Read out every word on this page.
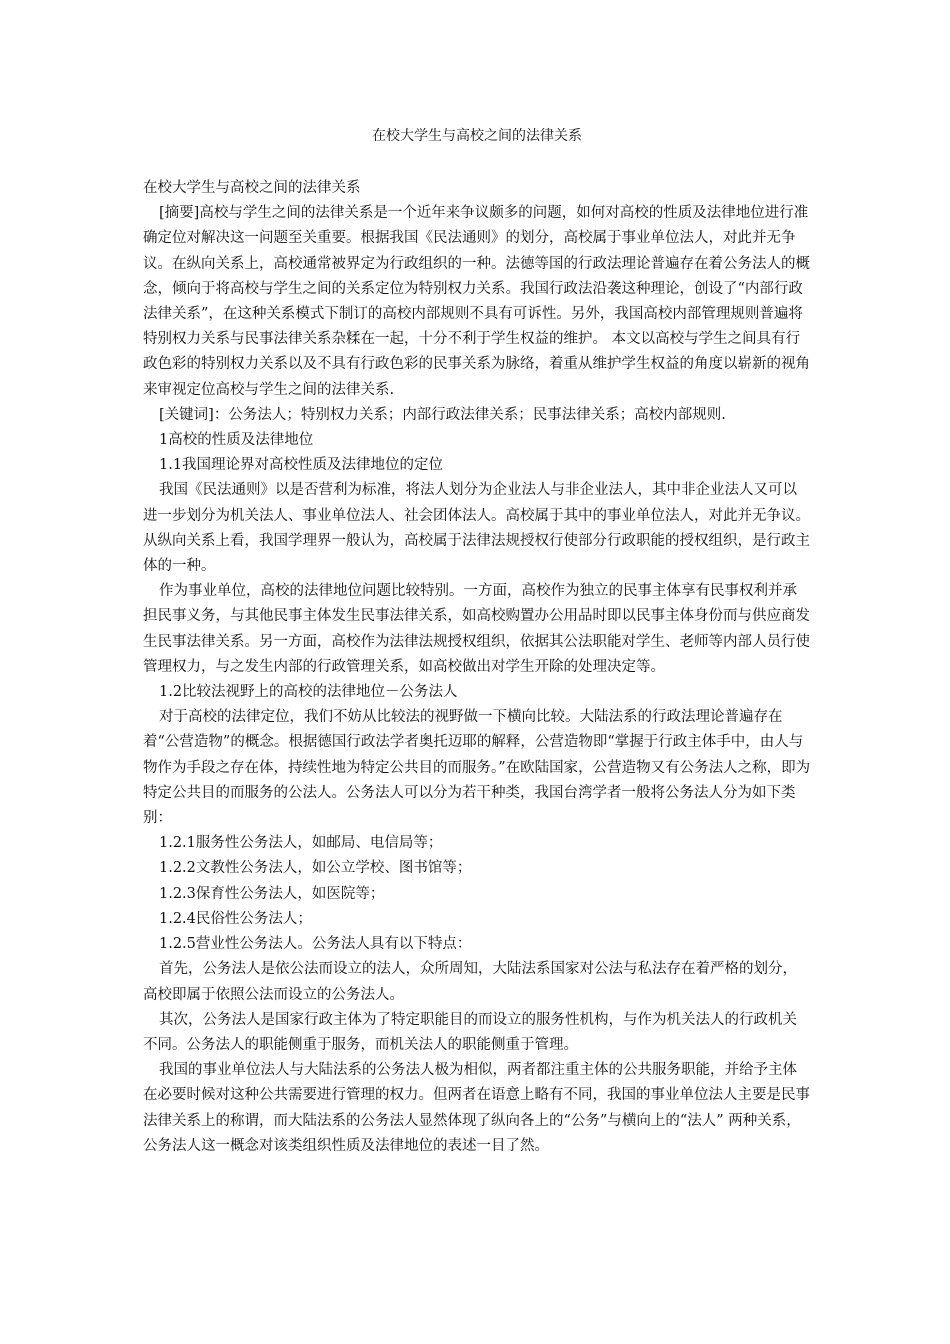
在校大学生与高校之间的法律关系

在校大学生与高校之间的法律关系

[摘要]高校与学生之间的法律关系是一个近年来争议颇多的问题，如何对高校的性质及法律地位进行准确定位对解决这一问题至关重要。根据我国《民法通则》的划分，高校属于事业单位法人，对此并无争议。在纵向关系上，高校通常被界定为行政组织的一种。法德等国的行政法理论普遍存在着公务法人的概念，倾向于将高校与学生之间的关系定位为特别权力关系。我国行政法沿袭这种理论，创设了“内部行政法律关系”，在这种关系模式下制订的高校内部规则不具有可诉性。另外，我国高校内部管理规则普遍将特别权力关系与民事法律关系杂糅在一起，十分不利于学生权益的维护。 本文以高校与学生之间具有行政色彩的特别权力关系以及不具有行政色彩的民事关系为脉络，着重从维护学生权益的角度以崭新的视角来审视定位高校与学生之间的法律关系.

[关键词]：公务法人；特别权力关系；内部行政法律关系；民事法律关系；高校内部规则.

1高校的性质及法律地位

1.1我国理论界对高校性质及法律地位的定位

我国《民法通则》以是否营利为标准，将法人划分为企业法人与非企业法人，其中非企业法人又可以进一步划分为机关法人、事业单位法人、社会团体法人。高校属于其中的事业单位法人，对此并无争议。从纵向关系上看，我国学理界一般认为，高校属于法律法规授权行使部分行政职能的授权组织，是行政主体的一种。

作为事业单位，高校的法律地位问题比较特别。一方面，高校作为独立的民事主体享有民事权利并承担民事义务，与其他民事主体发生民事法律关系，如高校购置办公用品时即以民事主体身份而与供应商发生民事法律关系。另一方面，高校作为法律法规授权组织，依据其公法职能对学生、老师等内部人员行使管理权力，与之发生内部的行政管理关系，如高校做出对学生开除的处理决定等。

1.2比较法视野上的高校的法律地位－公务法人

对于高校的法律定位，我们不妨从比较法的视野做一下横向比较。大陆法系的行政法理论普遍存在着“公营造物”的概念。根据德国行政法学者奥托迈耶的解释，公营造物即“掌握于行政主体手中，由人与物作为手段之存在体，持续性地为特定公共目的而服务。”在欧陆国家，公营造物又有公务法人之称，即为特定公共目的而服务的公法人。公务法人可以分为若干种类，我国台湾学者一般将公务法人分为如下类别：

1.2.1服务性公务法人，如邮局、电信局等；

1.2.2文教性公务法人，如公立学校、图书馆等；

1.2.3保育性公务法人，如医院等；

1.2.4民俗性公务法人；

1.2.5营业性公务法人。公务法人具有以下特点：

首先，公务法人是依公法而设立的法人，众所周知，大陆法系国家对公法与私法存在着严格的划分，高校即属于依照公法而设立的公务法人。

其次，公务法人是国家行政主体为了特定职能目的而设立的服务性机构，与作为机关法人的行政机关不同。公务法人的职能侧重于服务，而机关法人的职能侧重于管理。

我国的事业单位法人与大陆法系的公务法人极为相似，两者都注重主体的公共服务职能，并给予主体在必要时候对这种公共需要进行管理的权力。但两者在语意上略有不同，我国的事业单位法人主要是民事法律关系上的称谓，而大陆法系的公务法人显然体现了纵向各上的“公务”与横向上的“法人” 两种关系，公务法人这一概念对该类组织性质及法律地位的表述一目了然。
